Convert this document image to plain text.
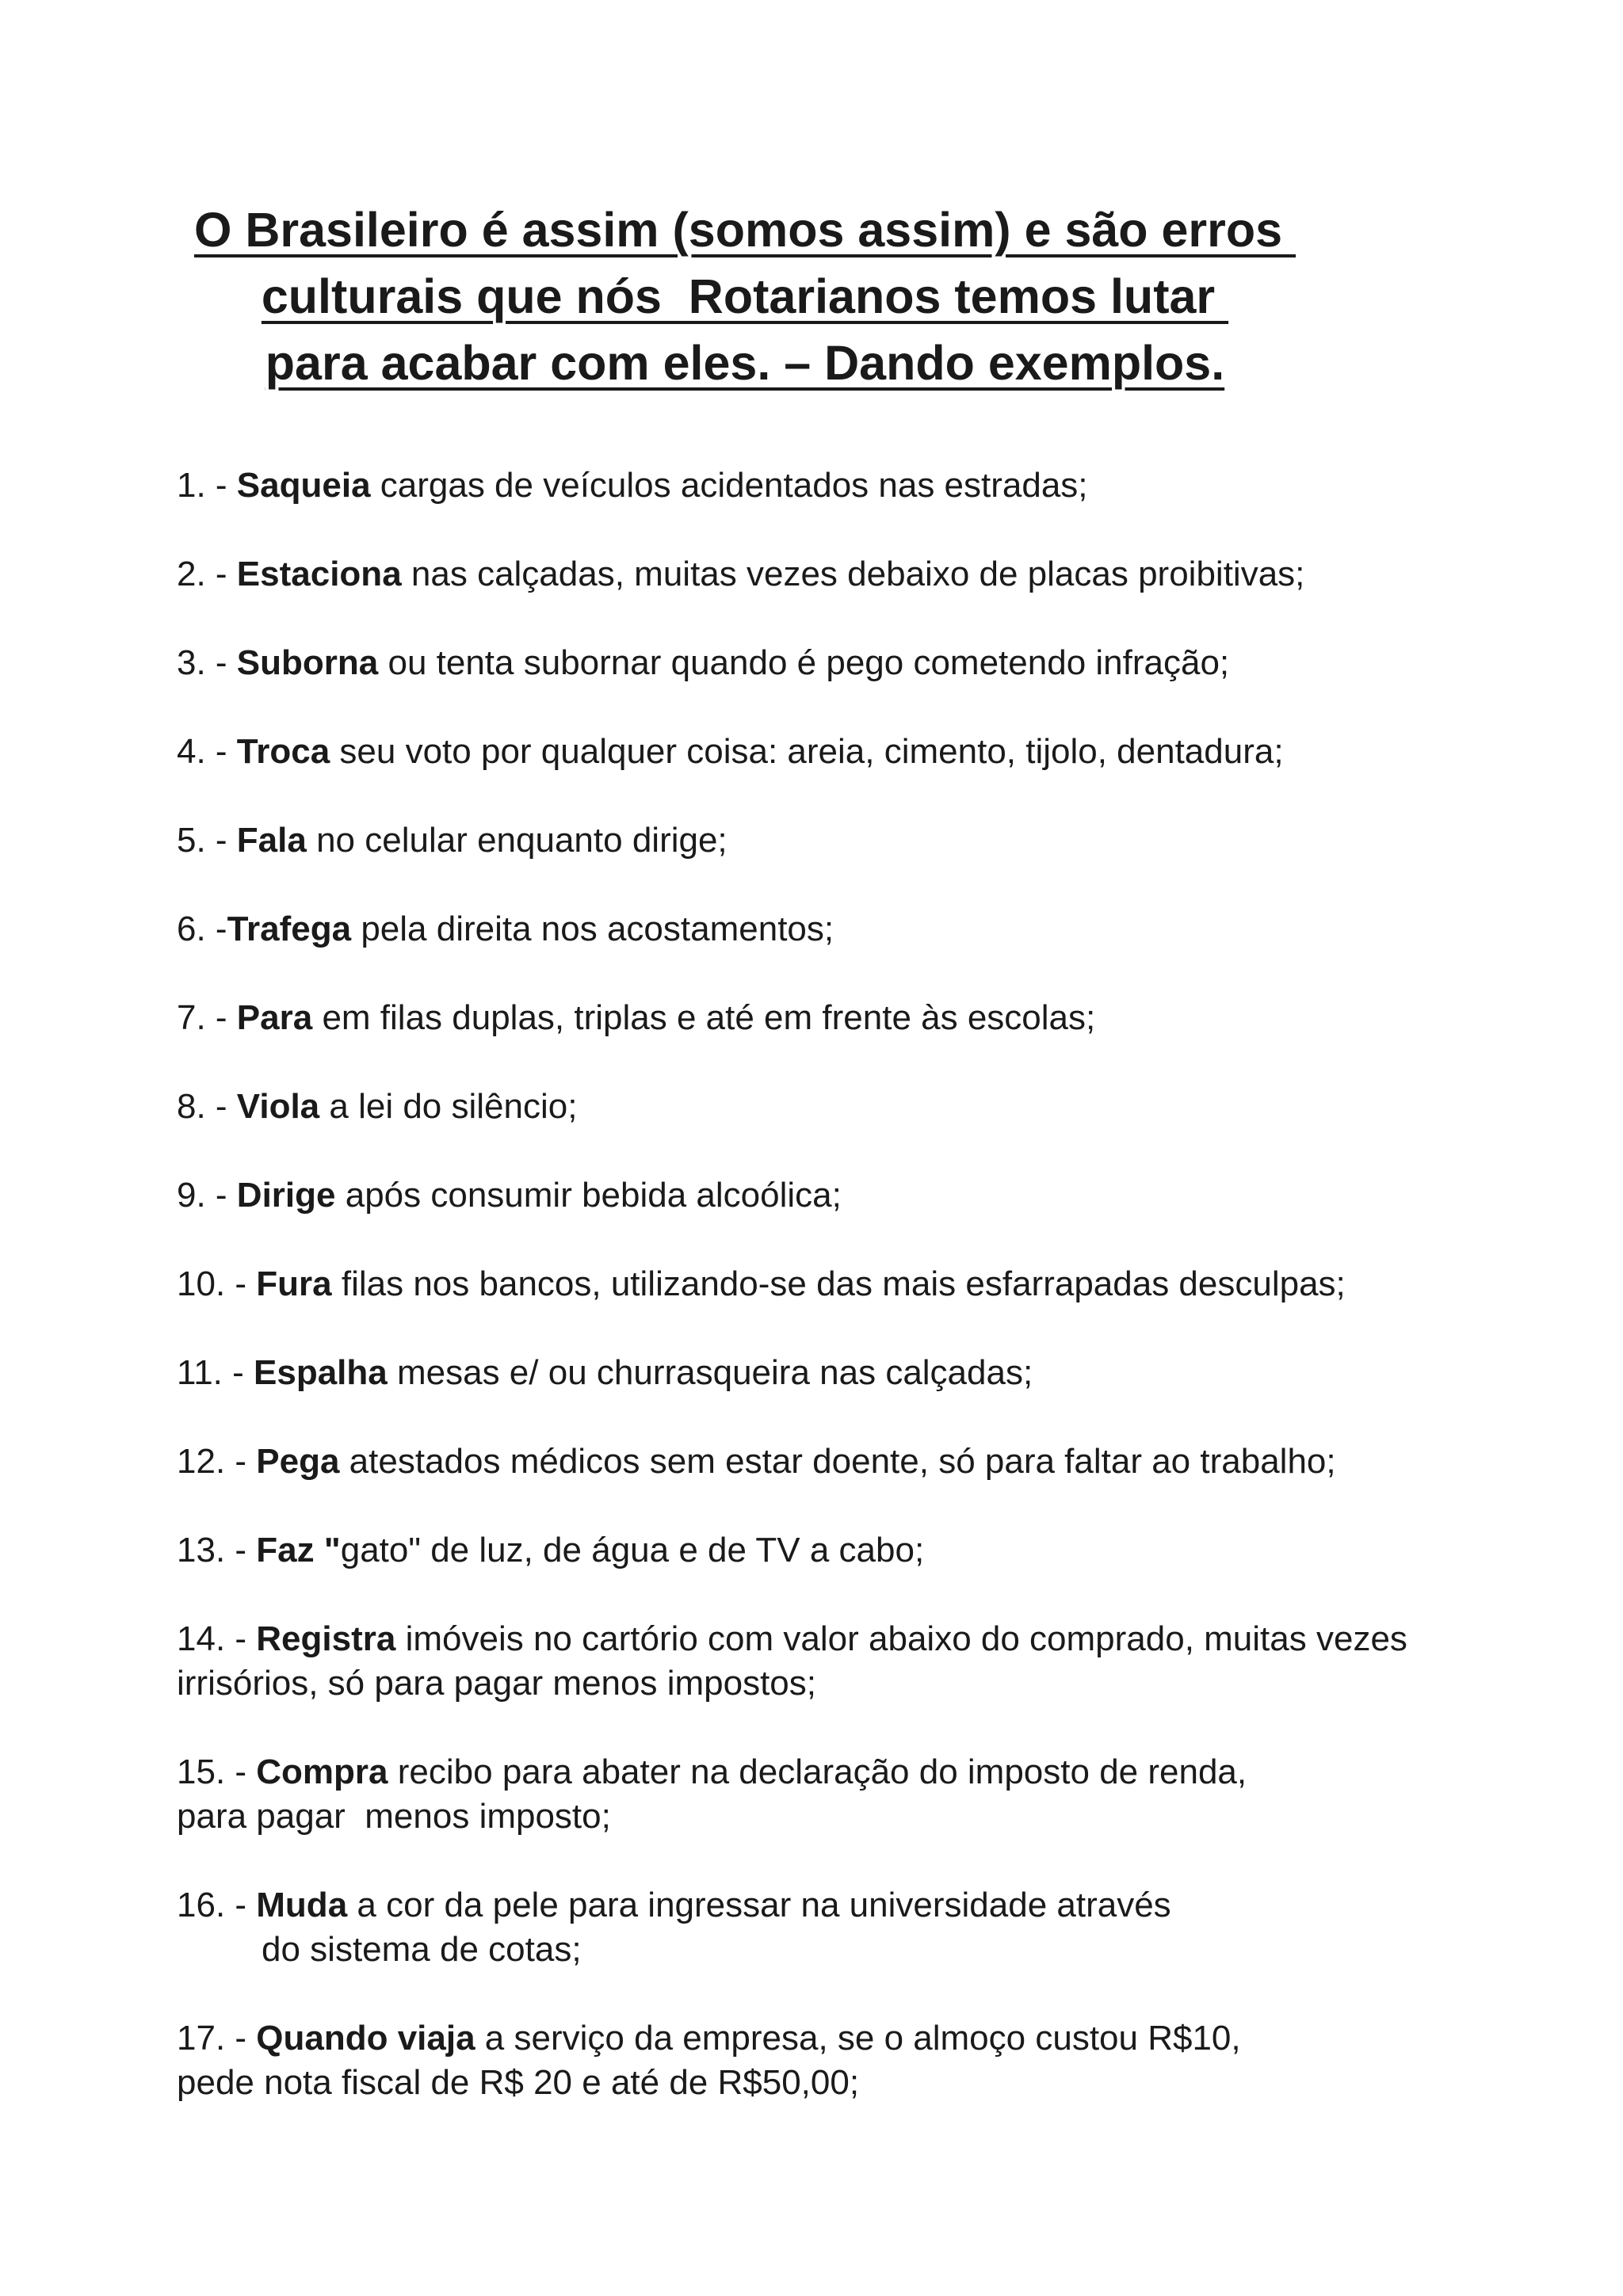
O Brasileiro é assim (somos assim) e são erros
culturais que nós  Rotarianos temos lutar
para acabar com eles. – Dando exemplos.
1. - Saqueia cargas de veículos acidentados nas estradas;
2. - Estaciona nas calçadas, muitas vezes debaixo de placas proibitivas;
3. - Suborna ou tenta subornar quando é pego cometendo infração;
4. - Troca seu voto por qualquer coisa: areia, cimento, tijolo, dentadura;
5. - Fala no celular enquanto dirige;
6. -Trafega pela direita nos acostamentos;
7. - Para em filas duplas, triplas e até em frente às escolas;
8. - Viola a lei do silêncio;
9. - Dirige após consumir bebida alcoólica;
10. - Fura filas nos bancos, utilizando-se das mais esfarrapadas desculpas;
11. - Espalha mesas e/ ou churrasqueira nas calçadas;
12. - Pega atestados médicos sem estar doente, só para faltar ao trabalho;
13. - Faz "gato" de luz, de água e de TV a cabo;
14. - Registra imóveis no cartório com valor abaixo do comprado, muitas vezes
irrisórios, só para pagar menos impostos;
15. - Compra recibo para abater na declaração do imposto de renda,
para pagar  menos imposto;
16. - Muda a cor da pele para ingressar na universidade através
do sistema de cotas;
17. - Quando viaja a serviço da empresa, se o almoço custou R$10,
pede nota fiscal de R$ 20 e até de R$50,00;
